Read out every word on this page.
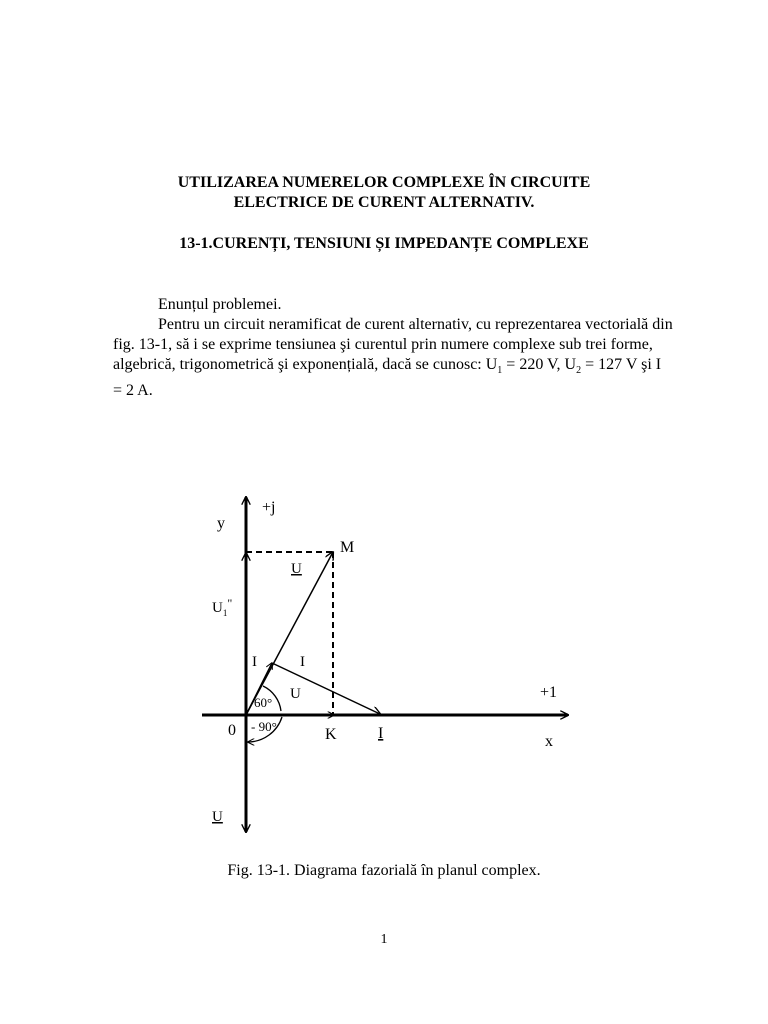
UTILIZAREA NUMERELOR COMPLEXE ÎN CIRCUITE
ELECTRICE DE CURENT ALTERNATIV.
13-1.CURENȚI, TENSIUNI ȘI IMPEDANȚE COMPLEXE
Enunțul problemei.
Pentru un circuit neramificat de curent alternativ, cu reprezentarea vectorială din fig. 13-1, să i se exprime tensiunea şi curentul prin numere complexe sub trei forme, algebrică, trigonometrică şi exponențială, dacă se cunosc: $U_1 = 220$ V, $U_2 = 127$ V şi I = 2 A.
+j
y
M
U
$U_1^"$
I	I
U	+1
60°
- 90°
0	K	I	x
U
Fig. 13-1. Diagrama fazorială în planul complex.
1
